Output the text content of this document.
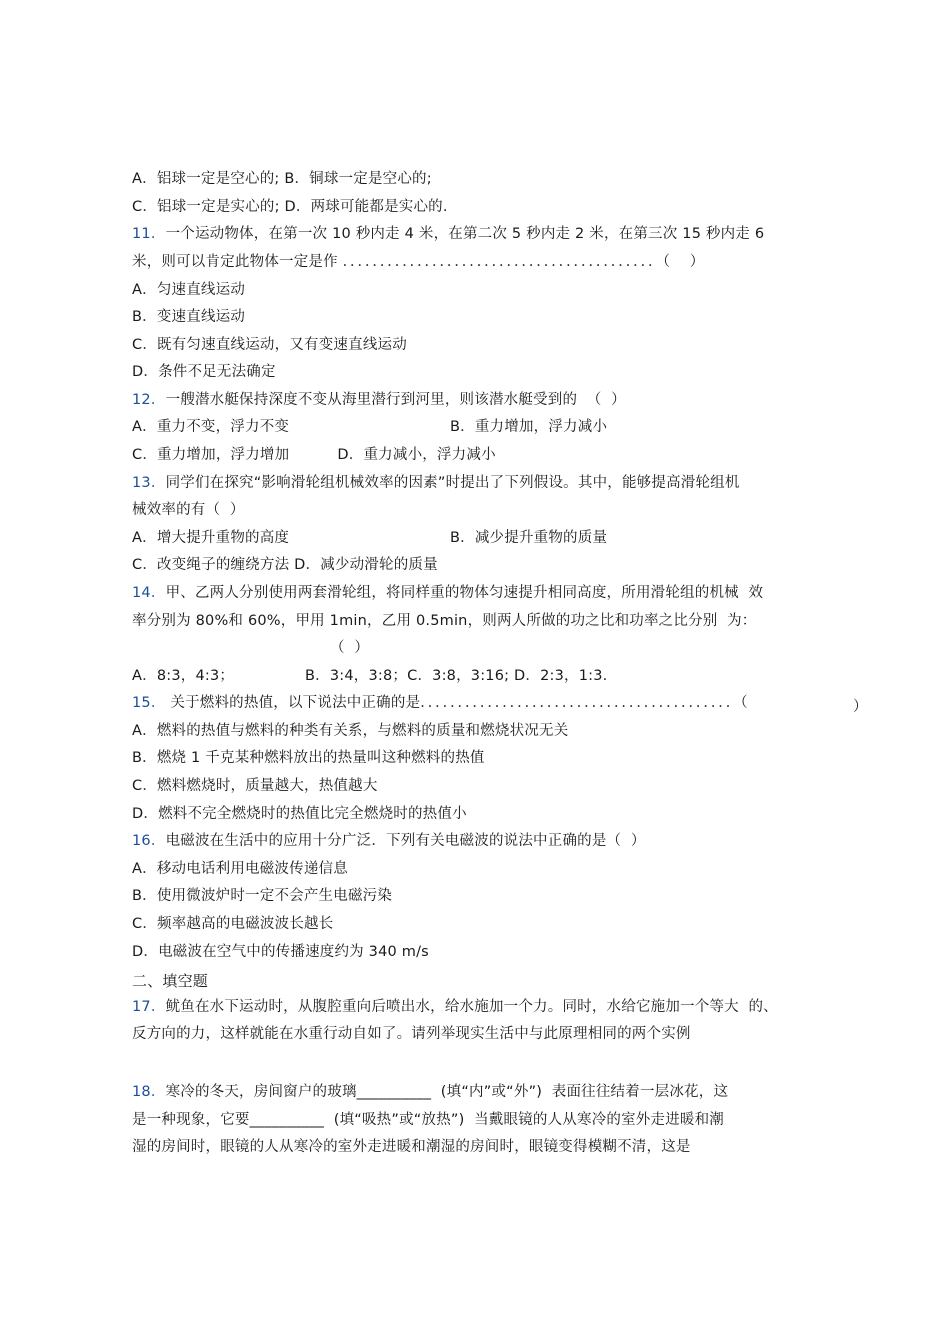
A．铝球一定是空心的; B．铜球一定是空心的;
C．铝球一定是实心的; D．两球可能都是实心的.
11．一个运动物体，在第一次 10 秒内走 4 米，在第二次 5 秒内走 2 米，在第三次 15 秒内走 6
米，则可以肯定此物体一定是作 ．．．．．．．．．．．．．．．．．．．．．．．．．．．．．．．．．．．．．．．．．．（　 ）
A．匀速直线运动
B．变速直线运动
C．既有匀速直线运动，又有变速直线运动
D．条件不足无法确定
12．一艘潜水艇保持深度不变从海里潜行到河里，则该潜水艇受到的  （  ）
A．重力不变，浮力不变	B．重力增加，浮力减小
C．重力增加，浮力增加          D．重力减小，浮力减小
13．同学们在探究“影响滑轮组机械效率的因素”时提出了下列假设。其中，能够提高滑轮组机
械效率的有（  ）
A．增大提升重物的高度	B．减少提升重物的质量
C．改变绳子的缠绕方法 D．减少动滑轮的质量
14．甲、乙两人分别使用两套滑轮组，将同样重的物体匀速提升相同高度，所用滑轮组的机械  效
率分别为 80%和 60%，甲用 1min，乙用 0.5min，则两人所做的功之比和功率之比分别  为：
（  ）
A．8:3，4:3；	B．3:4，3:8；C．3:8，3:16; D．2:3，1:3.
15． 关于燃料的热值，以下说法中正确的是．．．．．．．．．．．．．．．．．．．．．．．．．．．．．．．．．．．．．．．．．．（	）
A．燃料的热值与燃料的种类有关系，与燃料的质量和燃烧状况无关
B．燃烧 1 千克某种燃料放出的热量叫这种燃料的热值
C．燃料燃烧时，质量越大，热值越大
D．燃料不完全燃烧时的热值比完全燃烧时的热值小
16．电磁波在生活中的应用十分广泛．下列有关电磁波的说法中正确的是（  ）
A．移动电话利用电磁波传递信息
B．使用微波炉时一定不会产生电磁污染
C．频率越高的电磁波波长越长
D．电磁波在空气中的传播速度约为 340 m/s
二、填空题
17．鱿鱼在水下运动时，从腹腔重向后喷出水，给水施加一个力。同时，水给它施加一个等大  的、
反方向的力，这样就能在水重行动自如了。请列举现实生活中与此原理相同的两个实例
18．寒冷的冬天，房间窗户的玻璃__________  (填“内”或“外”)  表面往往结着一层冰花，这
是一种现象，它要__________  (填“吸热”或“放热”)  当戴眼镜的人从寒冷的室外走进暖和潮
湿的房间时，眼镜的人从寒冷的室外走进暖和潮湿的房间时，眼镜变得模糊不清，这是
